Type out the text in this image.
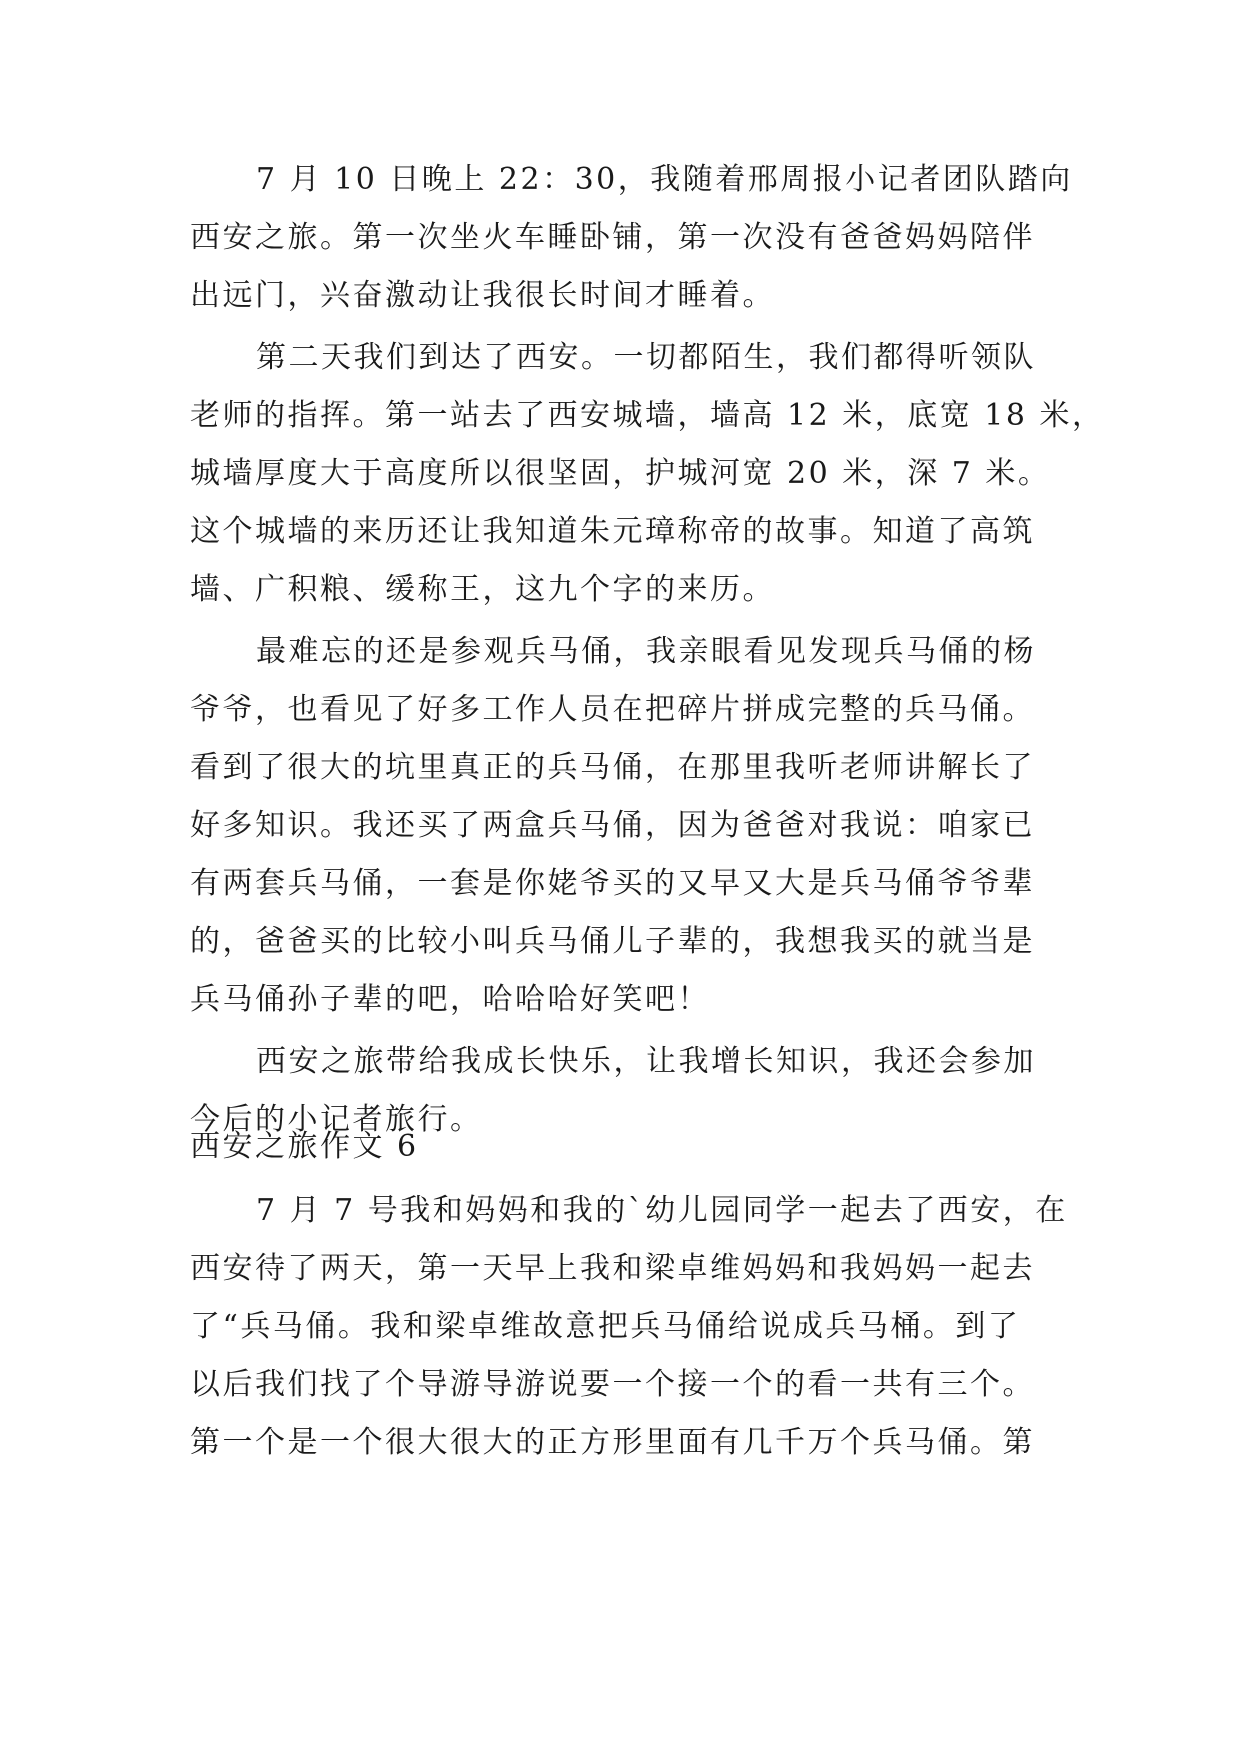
7 月 10 日晚上 22：30，我随着邢周报小记者团队踏向
西安之旅。第一次坐火车睡卧铺，第一次没有爸爸妈妈陪伴
出远门，兴奋激动让我很长时间才睡着。
第二天我们到达了西安。一切都陌生，我们都得听领队
老师的指挥。第一站去了西安城墙，墙高 12 米，底宽 18 米，
城墙厚度大于高度所以很坚固，护城河宽 20 米，深 7 米。
这个城墙的来历还让我知道朱元璋称帝的故事。知道了高筑
墙、广积粮、缓称王，这九个字的来历。
最难忘的还是参观兵马俑，我亲眼看见发现兵马俑的杨
爷爷，也看见了好多工作人员在把碎片拼成完整的兵马俑。
看到了很大的坑里真正的兵马俑，在那里我听老师讲解长了
好多知识。我还买了两盒兵马俑，因为爸爸对我说：咱家已
有两套兵马俑，一套是你姥爷买的又早又大是兵马俑爷爷辈
的，爸爸买的比较小叫兵马俑儿子辈的，我想我买的就当是
兵马俑孙子辈的吧，哈哈哈好笑吧！
西安之旅带给我成长快乐，让我增长知识，我还会参加
今后的小记者旅行。
西安之旅作文 6
7 月 7 号我和妈妈和我的`幼儿园同学一起去了西安，在
西安待了两天，第一天早上我和梁卓维妈妈和我妈妈一起去
了“兵马俑。我和梁卓维故意把兵马俑给说成兵马桶。到了
以后我们找了个导游导游说要一个接一个的看一共有三个。
第一个是一个很大很大的正方形里面有几千万个兵马俑。第
